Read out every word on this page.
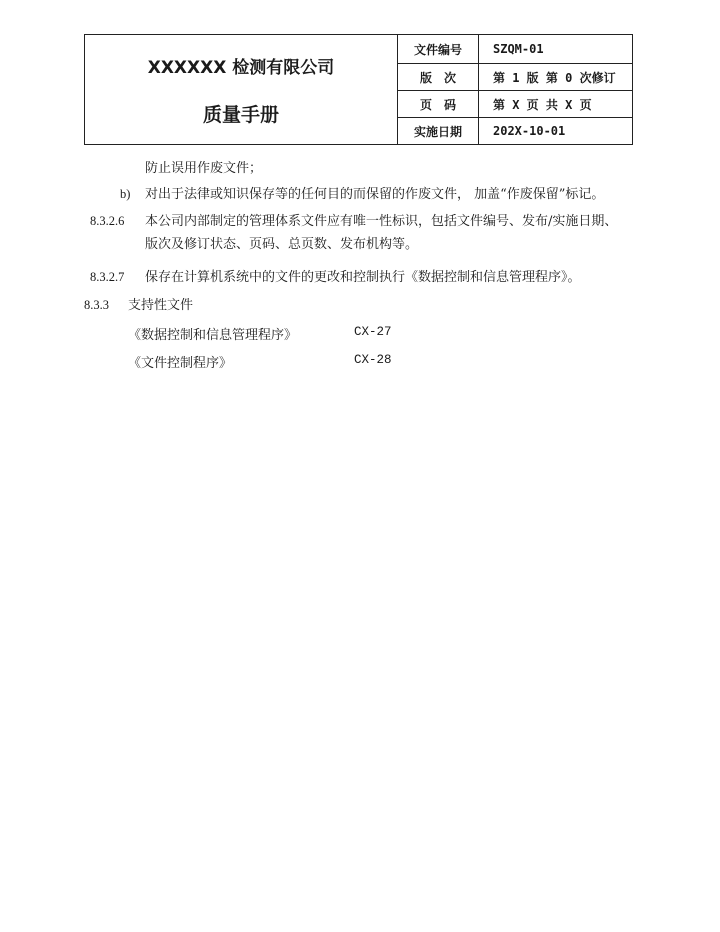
XXXXXX 检测有限公司
质量手册	文件编号	SZQM-01
	版　次	第 1 版 第 0 次修订
	页　码	第 X 页 共 X 页
	实施日期	202X-10-01
防止误用作废文件；
b) 对出于法律或知识保存等的任何目的而保留的作废文件， 加盖“作废保留”标记。
8.3.2.6 本公司内部制定的管理体系文件应有唯一性标识，包括文件编号、发布/实施日期、
版次及修订状态、页码、总页数、发布机构等。
8.3.2.7 保存在计算机系统中的文件的更改和控制执行《数据控制和信息管理程序》。
8.3.3 支持性文件
《数据控制和信息管理程序》	CX-27
《文件控制程序》	CX-28
